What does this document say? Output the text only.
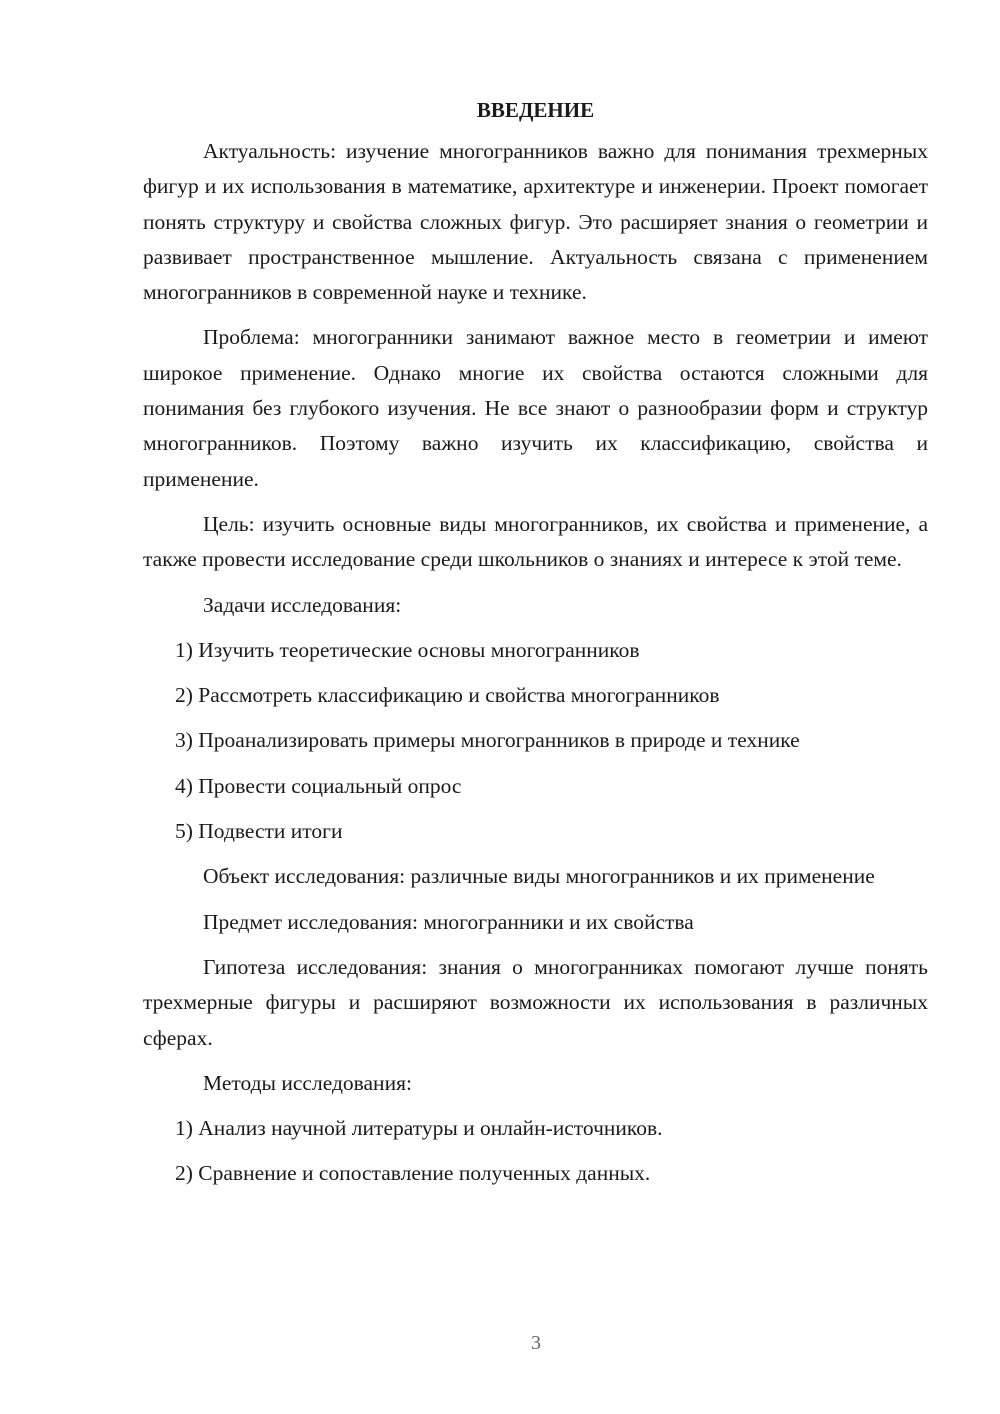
ВВЕДЕНИЕ

Актуальность: изучение многогранников важно для понимания трехмерных фигур и их использования в математике, архитектуре и инженерии. Проект помогает понять структуру и свойства сложных фигур. Это расширяет знания о геометрии и развивает пространственное мышление. Актуальность связана с применением многогранников в современной науке и технике.

Проблема: многогранники занимают важное место в геометрии и имеют широкое применение. Однако многие их свойства остаются сложными для понимания без глубокого изучения. Не все знают о разнообразии форм и структур многогранников. Поэтому важно изучить их классификацию, свойства и применение.

Цель: изучить основные виды многогранников, их свойства и применение, а также провести исследование среди школьников о знаниях и интересе к этой теме.

Задачи исследования:

1) Изучить теоретические основы многогранников

2) Рассмотреть классификацию и свойства многогранников

3) Проанализировать примеры многогранников в природе и технике

4) Провести социальный опрос

5) Подвести итоги

Объект исследования: различные виды многогранников и их применение

Предмет исследования: многогранники и их свойства

Гипотеза исследования: знания о многогранниках помогают лучше понять трехмерные фигуры и расширяют возможности их использования в различных сферах.

Методы исследования:

1) Анализ научной литературы и онлайн-источников.

2) Сравнение и сопоставление полученных данных.

3
